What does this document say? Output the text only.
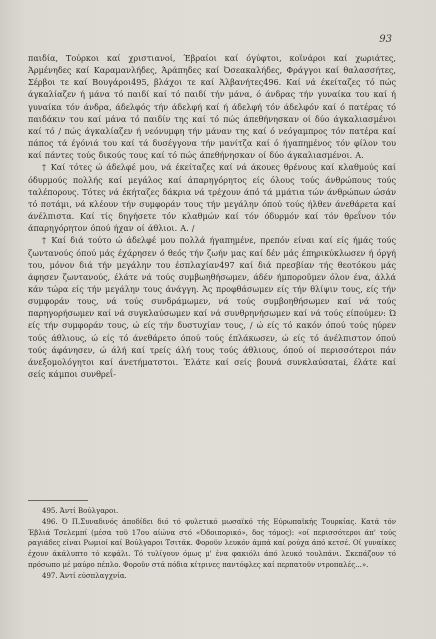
93

παιδία, Τούρκοι καί χριστιανοί, Έβραίοι καί όγύφτοι, κοϊνάροι καί χωριάτες, Άρμένηδες καί Καραμανλήδες, Άράπηδες καί Όσεακαλήδες, Φράγγοι καί θαλασσήτες, Σέρβοι τε καί Βουγάροι495, βλάχοι τε καί Άλβανήτες496. Καί νά έκείταζες τό πώς άγκαλίαζεν ή μάνα τό παιδί καί τό παιδί τήν μάνα, ό άνδρας τήν γυναίκα του καί ή γυναίκα τόν άνδρα, άδελφός τήν άδελφή καί ή άδελφή τόν άδελφόν καί ό πατέρας τό παιδάκιν του καί μάνα τό παιδίν της καί τό πώς άπεθήνησκαν οί δύο άγκαλιασμένοι καί τό / πώς άγκαλίαζεν ή νεόνυμφη τήν μάναν της καί ό νεόγαμπρος τόν πατέρα καί πάπος τά έγόνιά του καί τά δυσέγγονα τήν μανίτζα καί ό ήγαπημένος τόν φίλον του καί πάντες τούς δικούς τους καί τό πώς άπεθήνησκαν οί δύο άγκαλιασμένοι. Α.

† Καί τότες ώ άδελφέ μου, νά έκείταζες καί νά άκουες θρένους καί κλαθμούς καί όδυρμούς πολλής καί μεγάλος καί άπαρηγόρητος είς όλους τούς άνθρώπους τούς ταλέπορους. Τότες νά έκήταζες δάκρια νά τρέχουν άπό τά μμάτια τών άνθρώπων ώσάν τό ποτάμι, νά κλέουν τήν συμφοράν τους τήν μεγάλην όπού τούς ήλθεν άνεθάρετα καί άνέλπιστα. Καί τίς δηγήσετε τόν κλαθμών καί τόν όδυρμόν καί τόν θρεΐνον τόν άπαρηγόρητον όπού ήχαν οί άθλιοι. Α. /

† Καί διά τούτο ώ άδελφέ μου πολλά ήγαπημένε, πρεπόν είναι καί είς ήμάς τούς ζωντανούς όπού μάς έχάρησεν ό θεός τήν ζωήν μας καί δέν μάς έπηρικύκλωσεν ή όργή του, μόνον διά τήν μεγάλην του έσπλαχίαν497 καί διά πρεσβίαν τής θεοτόκου μάς άφησεν ζωντανούς, έλάτε νά τούς συμβωηθήσωμεν, άδέν ήμποροϋμεν όλον ένα, άλλά κάν τώρα είς τήν μεγάλην τους άνάγγη. Άς προφθάσωμεν είς τήν θλίψιν τους, είς τήν συμφοράν τους, νά τούς συνδράμωμεν, νά τούς συμβοηθήσωμεν καί νά τούς παρηγορήσωμεν καί νά συγκλαύσωμεν καί νά συνθρηνήσωμεν καί νά τούς είπούμεν: Ώ είς τήν συμφοράν τους, ώ είς τήν δυστυχίαν τους, / ώ είς τό κακόν όπού τούς ηύρεν τούς άθλιους, ώ είς τό άνεθάρετο όπού τούς έπλάκωσεν, ώ είς τό άνέλπιστον όπού τούς άφάνησεν, ώ άλή καί τρείς άλή τους τούς άθλιους, όπού οί περισσότεροι πάν άνεξομολόγητοι καί άνετήματστοι. Έλάτε καί σείς βουνά συνκλαύσατai, έλάτε καί σείς κάμποι συνθρεΐ-

495. Άντί Βούλγαροι.

496. Ό Π.Συναδινός άποδίδει διό τό φυλετικό μωσαϊκό τής Εύρωπαϊκής Τουρκίας. Κατά τόν Έβλιά Τσελεμπί (μέσα τοϋ 17ου αίώνα στό «Όδοιπορικό», δος τόμος): «οί περισσότεροι άπ' τούς ραγιάδες είναι Ρωμιοί καί Βούλγαροι Τσιτάκ. Φοροϋν λευκόν άμπά καί ρούχα άπό κετσέ. Οί γυναίκες έχουν άκάλυπτο τό κεφάλι. Τό τυλίγουν όμως μ' ένα φακιόλι άπό λευκό τουλπάνι. Σκεπάζουν τό πρόσωπο μέ μαύρο πέπλο. Φοροϋν στά πόδια κίτρινες παντόφλες καί περπατοϋν ντροπαλές...».

497. Άντί εύσπλαγχνία.
